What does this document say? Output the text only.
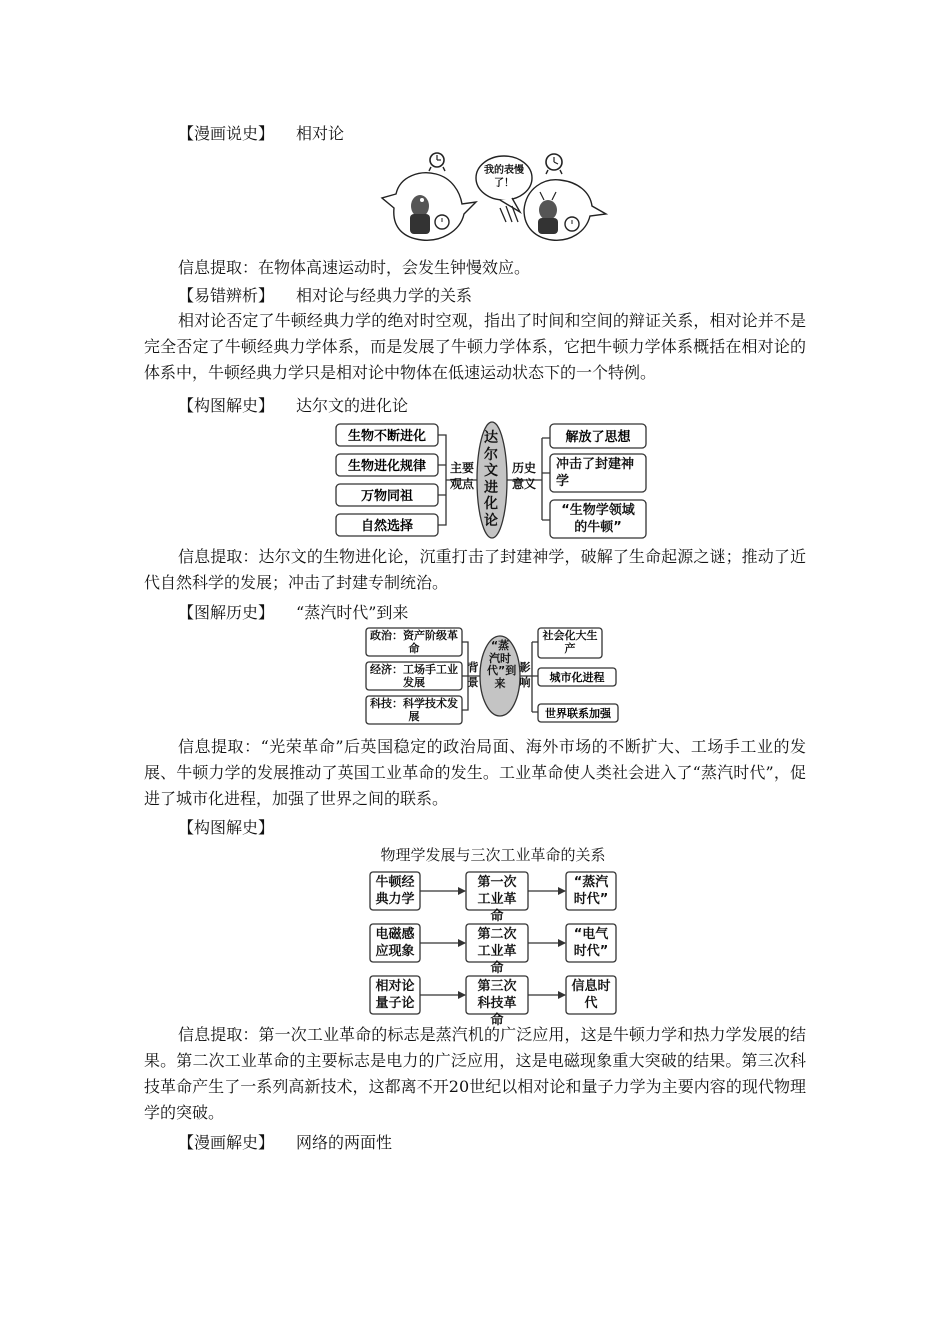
【漫画说史】 相对论
我的表慢了！
信息提取：在物体高速运动时，会发生钟慢效应。
【易错辨析】 相对论与经典力学的关系
相对论否定了牛顿经典力学的绝对时空观，指出了时间和空间的辩证关系，相对论并不是完全否定了牛顿经典力学体系，而是发展了牛顿力学体系，它把牛顿力学体系概括在相对论的体系中，牛顿经典力学只是相对论中物体在低速运动状态下的一个特例。
【构图解史】 达尔文的进化论
生物不断进化
生物进化规律
万物同祖
自然选择
主要观点
达尔文进化论
历史意义
解放了思想
冲击了封建神学
“生物学领域的牛顿”
信息提取：达尔文的生物进化论，沉重打击了封建神学，破解了生命起源之谜；推动了近代自然科学的发展；冲击了封建专制统治。
【图解历史】 “蒸汽时代”到来
政治：资产阶级革命
经济：工场手工业发展
科技：科学技术发展
背景
“蒸汽时代”到来
影响
社会化大生产
城市化进程
世界联系加强
信息提取：“光荣革命”后英国稳定的政治局面、海外市场的不断扩大、工场手工业的发展、牛顿力学的发展推动了英国工业革命的发生。工业革命使人类社会进入了“蒸汽时代”，促进了城市化进程，加强了世界之间的联系。
【构图解史】
物理学发展与三次工业革命的关系
牛顿经典力学
第一次工业革命
“蒸汽时代”
电磁感应现象
第二次工业革命
“电气时代”
相对论量子论
第三次科技革命
信息时代
信息提取：第一次工业革命的标志是蒸汽机的广泛应用，这是牛顿力学和热力学发展的结果。第二次工业革命的主要标志是电力的广泛应用，这是电磁现象重大突破的结果。第三次科技革命产生了一系列高新技术，这都离不开20世纪以相对论和量子力学为主要内容的现代物理学的突破。
【漫画解史】 网络的两面性
